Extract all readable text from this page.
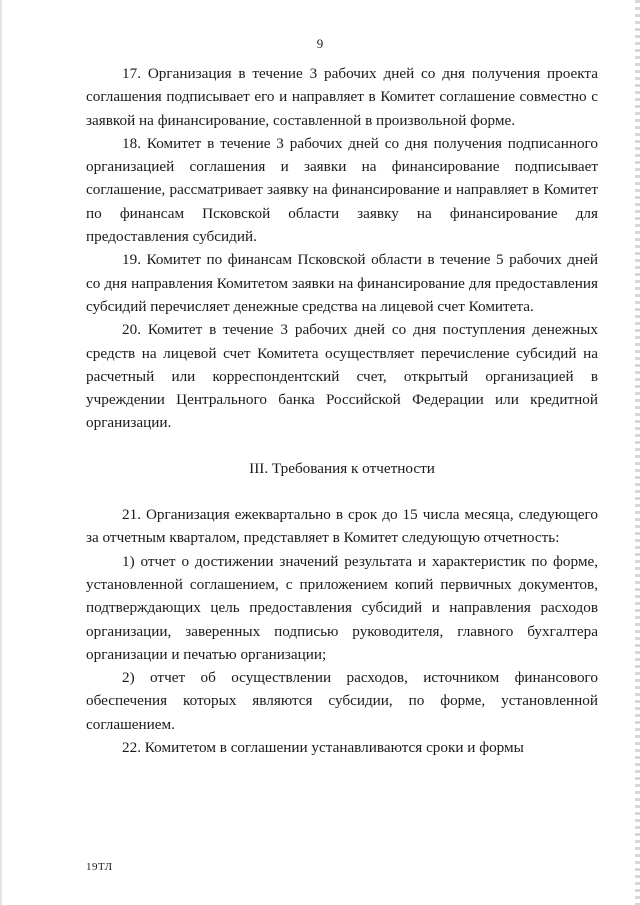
9

17. Организация в течение 3 рабочих дней со дня получения проекта соглашения подписывает его и направляет в Комитет соглашение совместно с заявкой на финансирование, составленной в произвольной форме.

18. Комитет в течение 3 рабочих дней со дня получения подписанного организацией соглашения и заявки на финансирование подписывает соглашение, рассматривает заявку на финансирование и направляет в Комитет по финансам Псковской области заявку на финансирование для предоставления субсидий.

19. Комитет по финансам Псковской области в течение 5 рабочих дней со дня направления Комитетом заявки на финансирование для предоставления субсидий перечисляет денежные средства на лицевой счет Комитета.

20. Комитет в течение 3 рабочих дней со дня поступления денежных средств на лицевой счет Комитета осуществляет перечисление субсидий на расчетный или корреспондентский счет, открытый организацией в учреждении Центрального банка Российской Федерации или кредитной организации.

III. Требования к отчетности

21. Организация ежеквартально в срок до 15 числа месяца, следующего за отчетным кварталом, представляет в Комитет следующую отчетность:

1) отчет о достижении значений результата и характеристик по форме, установленной соглашением, с приложением копий первичных документов, подтверждающих цель предоставления субсидий и направления расходов организации, заверенных подписью руководителя, главного бухгалтера организации и печатью организации;

2) отчет об осуществлении расходов, источником финансового обеспечения которых являются субсидии, по форме, установленной соглашением.

22. Комитетом в соглашении устанавливаются сроки и формы

19ТЛ
